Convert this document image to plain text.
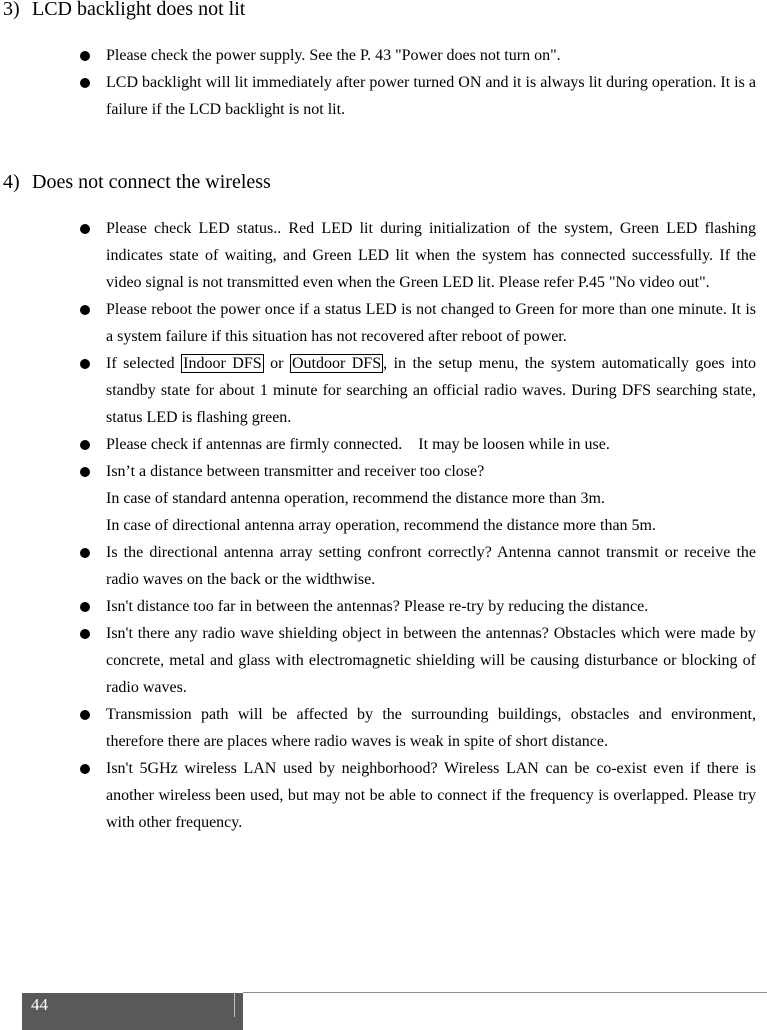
3) LCD backlight does not lit
Please check the power supply. See the P. 43 "Power does not turn on".
LCD backlight will lit immediately after power turned ON and it is always lit during operation. It is a failure if the LCD backlight is not lit.
4) Does not connect the wireless
Please check LED status.. Red LED lit during initialization of the system, Green LED flashing indicates state of waiting, and Green LED lit when the system has connected successfully. If the video signal is not transmitted even when the Green LED lit. Please refer P.45 "No video out".
Please reboot the power once if a status LED is not changed to Green for more than one minute. It is a system failure if this situation has not recovered after reboot of power.
If selected Indoor DFS or Outdoor DFS , in the setup menu, the system automatically goes into standby state for about 1 minute for searching an official radio waves. During DFS searching state, status LED is flashing green.
Please check if antennas are firmly connected.　It may be loosen while in use.
Isn’t a distance between transmitter and receiver too close?
In case of standard antenna operation, recommend the distance more than 3m.
In case of directional antenna array operation, recommend the distance more than 5m.
Is the directional antenna array setting confront correctly? Antenna cannot transmit or receive the radio waves on the back or the widthwise.
Isn't distance too far in between the antennas? Please re-try by reducing the distance.
Isn't there any radio wave shielding object in between the antennas? Obstacles which were made by concrete, metal and glass with electromagnetic shielding will be causing disturbance or blocking of radio waves.
Transmission path will be affected by the surrounding buildings, obstacles and environment, therefore there are places where radio waves is weak in spite of short distance.
Isn't 5GHz wireless LAN used by neighborhood? Wireless LAN can be co-exist even if there is another wireless been used, but may not be able to connect if the frequency is overlapped. Please try with other frequency.
44
